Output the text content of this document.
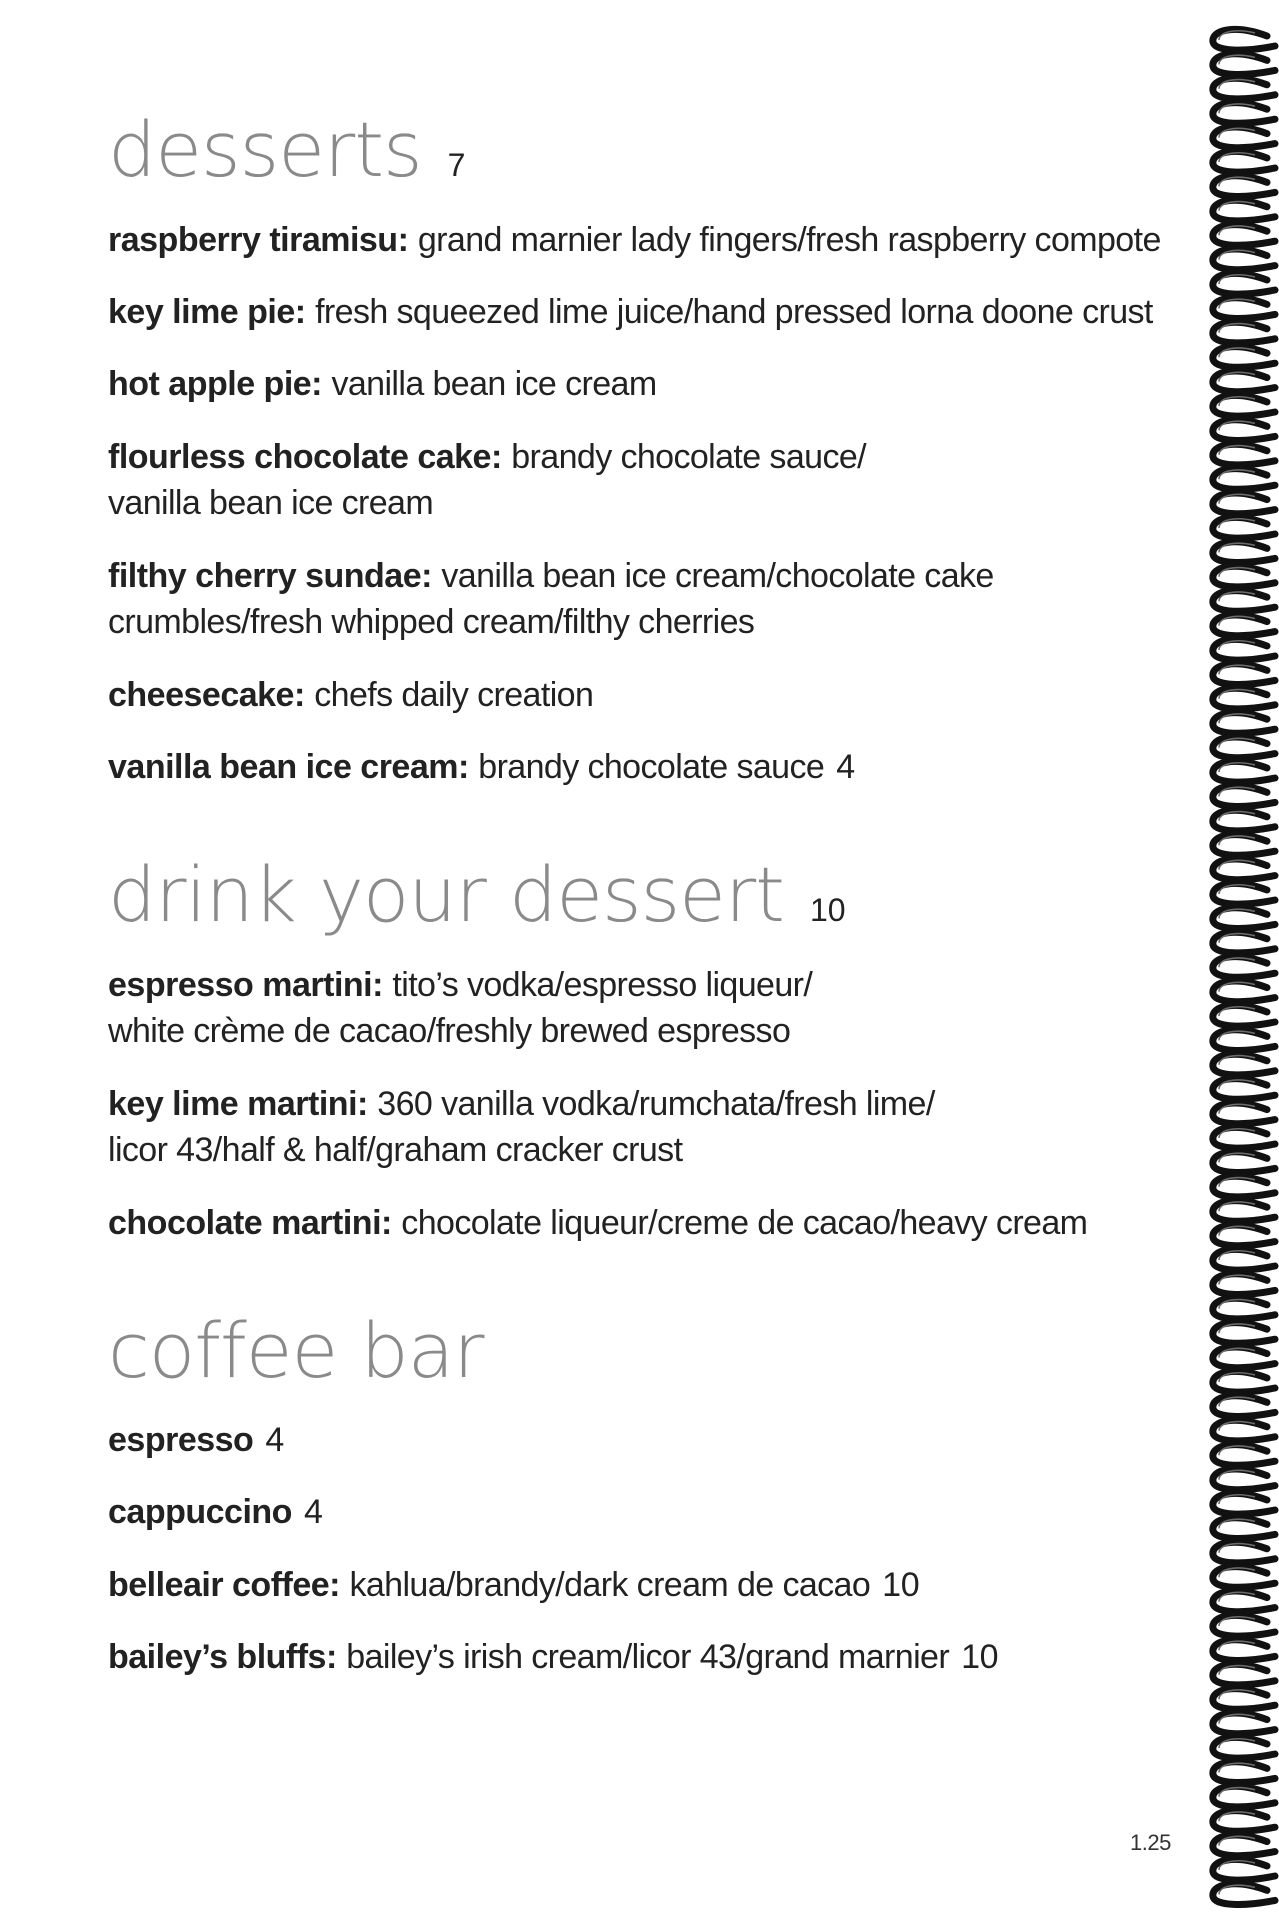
desserts 7

raspberry tiramisu: grand marnier lady fingers/fresh raspberry compote

key lime pie: fresh squeezed lime juice/hand pressed lorna doone crust

hot apple pie: vanilla bean ice cream

flourless chocolate cake: brandy chocolate sauce/
vanilla bean ice cream

filthy cherry sundae: vanilla bean ice cream/chocolate cake
crumbles/fresh whipped cream/filthy cherries

cheesecake: chefs daily creation

vanilla bean ice cream: brandy chocolate sauce 4

drink your dessert 10

espresso martini: tito’s vodka/espresso liqueur/
white crème de cacao/freshly brewed espresso

key lime martini: 360 vanilla vodka/rumchata/fresh lime/
licor 43/half & half/graham cracker crust

chocolate martini: chocolate liqueur/creme de cacao/heavy cream

coffee bar

espresso 4

cappuccino 4

belleair coffee: kahlua/brandy/dark cream de cacao 10

bailey’s bluffs: bailey’s irish cream/licor 43/grand marnier 10

1.25
